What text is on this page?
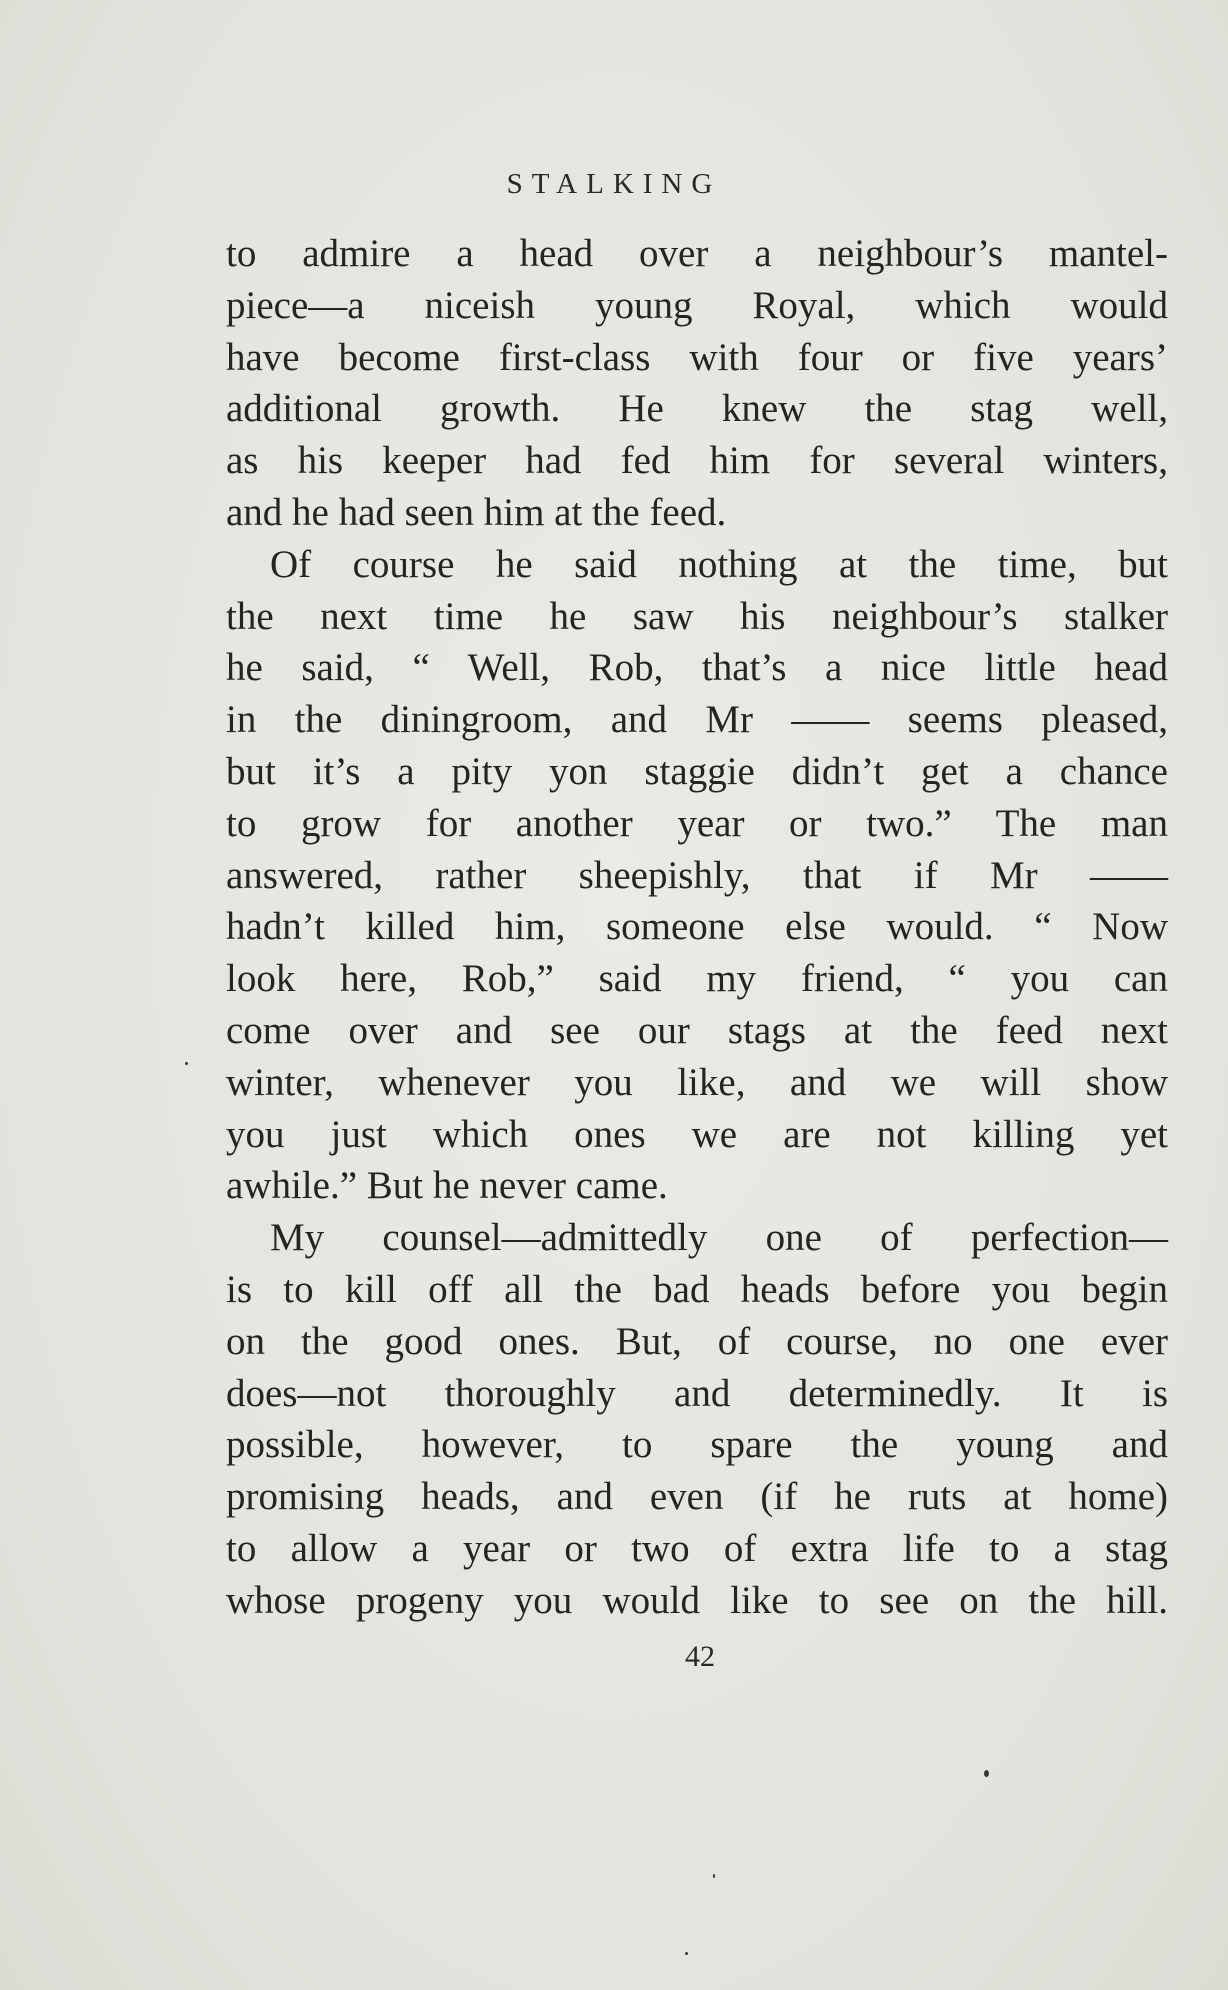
STALKING
to admire a head over a neighbour’s mantel-
piece—a niceish young Royal, which would
have become first-class with four or five years’
additional growth. He knew the stag well,
as his keeper had fed him for several winters,
and he had seen him at the feed.
Of course he said nothing at the time, but
the next time he saw his neighbour’s stalker
he said, “ Well, Rob, that’s a nice little head
in the diningroom, and Mr —— seems pleased,
but it’s a pity yon staggie didn’t get a chance
to grow for another year or two.” The man
answered, rather sheepishly, that if Mr ——
hadn’t killed him, someone else would. “ Now
look here, Rob,” said my friend, “ you can
come over and see our stags at the feed next
winter, whenever you like, and we will show
you just which ones we are not killing yet
awhile.” But he never came.
My counsel—admittedly one of perfection—
is to kill off all the bad heads before you begin
on the good ones. But, of course, no one ever
does—not thoroughly and determinedly. It is
possible, however, to spare the young and
promising heads, and even (if he ruts at home)
to allow a year or two of extra life to a stag
whose progeny you would like to see on the hill.
42
